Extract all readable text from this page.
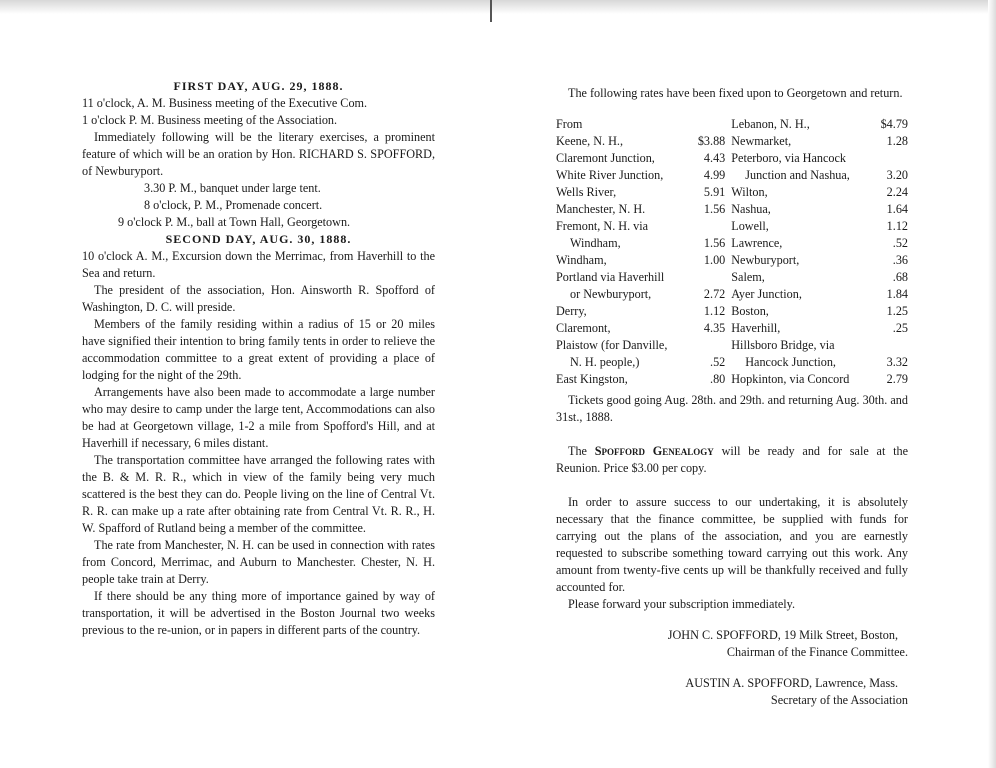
FIRST DAY, AUG. 29, 1888.
11 o'clock, A. M. Business meeting of the Executive Com.
1 o'clock P. M. Business meeting of the Association.
Immediately following will be the literary exercises, a prominent feature of which will be an oration by Hon. RICHARD S. SPOFFORD, of Newburyport.
3.30 P. M., banquet under large tent.
8 o'clock, P. M., Promenade concert.
9 o'clock P. M., ball at Town Hall, Georgetown.
SECOND DAY, AUG. 30, 1888.
10 o'clock A. M., Excursion down the Merrimac, from Haverhill to the Sea and return.
The president of the association, Hon. Ainsworth R. Spofford of Washington, D. C. will preside.
Members of the family residing within a radius of 15 or 20 miles have signified their intention to bring family tents in order to relieve the accommodation committee to a great extent of providing a place of lodging for the night of the 29th.
Arrangements have also been made to accommodate a large number who may desire to camp under the large tent, Accommodations can also be had at Georgetown village, 1-2 a mile from Spofford's Hill, and at Haverhill if necessary, 6 miles distant.
The transportation committee have arranged the following rates with the B. & M. R. R., which in view of the family being very much scattered is the best they can do. People living on the line of Central Vt. R. R. can make up a rate after obtaining rate from Central Vt. R. R., H. W. Spafford of Rutland being a member of the committee.
The rate from Manchester, N. H. can be used in connection with rates from Concord, Merrimac, and Auburn to Manchester. Chester, N. H. people take train at Derry.
If there should be any thing more of importance gained by way of transportation, it will be advertised in the Boston Journal two weeks previous to the re-union, or in papers in different parts of the country.
The following rates have been fixed upon to Georgetown and return.
From		Lebanon, N. H.,	$4.79
Keene, N. H.,	$3.88	Newmarket,	1.28
Claremont Junction,	4.43	Peterboro, via Hancock	
White River Junction,	4.99	Junction and Nashua,	3.20
Wells River,	5.91	Wilton,	2.24
Manchester, N. H.	1.56	Nashua,	1.64
Fremont, N. H. via		Lowell,	1.12
Windham,	1.56	Lawrence,	.52
Windham,	1.00	Newburyport,	.36
Portland via Haverhill		Salem,	.68
or Newburyport,	2.72	Ayer Junction,	1.84
Derry,	1.12	Boston,	1.25
Claremont,	4.35	Haverhill,	.25
Plaistow (for Danville,		Hillsboro Bridge, via	
N. H. people,)	.52	Hancock Junction,	3.32
East Kingston,	.80	Hopkinton, via Concord	2.79
Tickets good going Aug. 28th. and 29th. and returning Aug. 30th. and 31st., 1888.
The Spofford Genealogy will be ready and for sale at the Reunion. Price $3.00 per copy.
In order to assure success to our undertaking, it is absolutely necessary that the finance committee, be supplied with funds for carrying out the plans of the association, and you are earnestly requested to subscribe something toward carrying out this work. Any amount from twenty-five cents up will be thankfully received and fully accounted for.
Please forward your subscription immediately.
JOHN C. SPOFFORD, 19 Milk Street, Boston,
Chairman of the Finance Committee.
AUSTIN A. SPOFFORD, Lawrence, Mass.
Secretary of the Association
